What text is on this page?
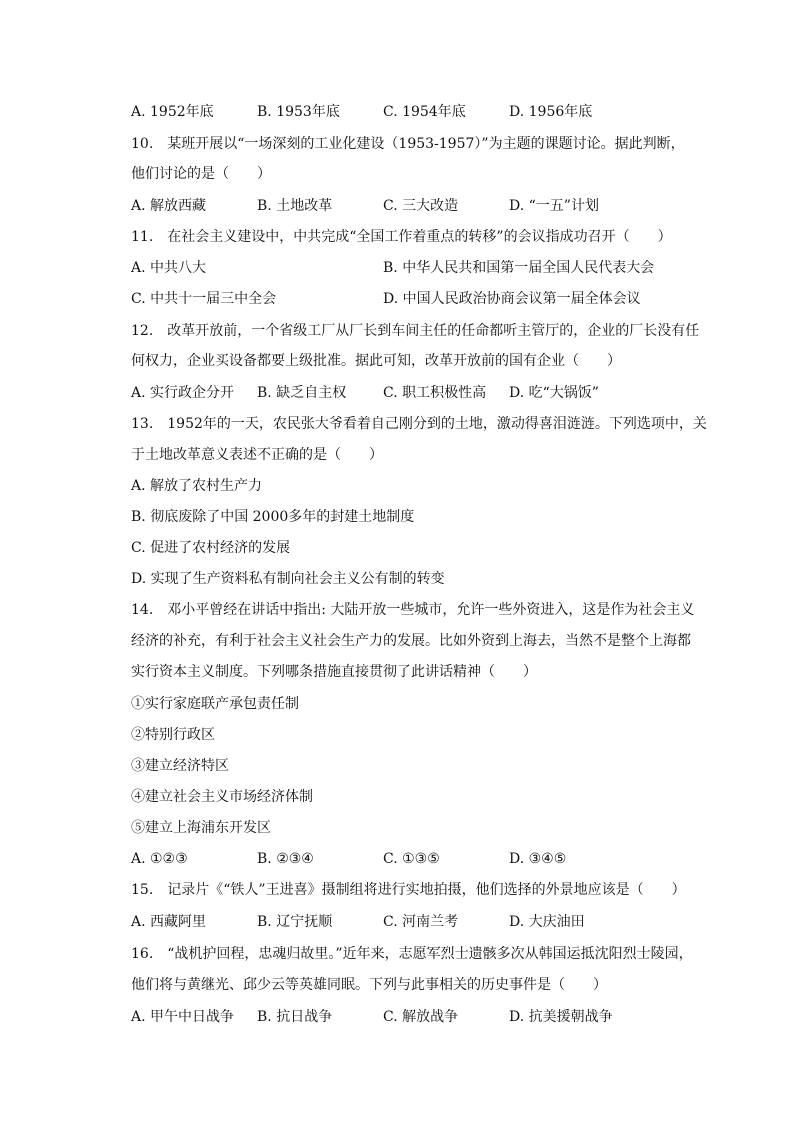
A. 1952年底	B. 1953年底	C. 1954年底	D. 1956年底
10.　某班开展以“一场深刻的工业化建设（1953-1957）”为主题的课题讨论。据此判断，
他们讨论的是（　　）
A. 解放西藏	B. 土地改革	C. 三大改造	D. “一五”计划
11.　在社会主义建设中，中共完成“全国工作着重点的转移”的会议指成功召开（　　）
A. 中共八大	B. 中华人民共和国第一届全国人民代表大会
C. 中共十一届三中全会	D. 中国人民政治协商会议第一届全体会议
12.　改革开放前，一个省级工厂从厂长到车间主任的任命都听主管厅的，企业的厂长没有任
何权力，企业买设备都要上级批准。据此可知，改革开放前的国有企业（　　）
A. 实行政企分开 B. 缺乏自主权	C. 职工积极性高 D. 吃“大锅饭”
13.　1952年的一天，农民张大爷看着自己刚分到的土地，激动得喜泪涟涟。下列选项中，关
于土地改革意义表述不正确的是（　　）
A. 解放了农村生产力
B. 彻底废除了中国 2000多年的封建土地制度
C. 促进了农村经济的发展
D. 实现了生产资料私有制向社会主义公有制的转变
14.　邓小平曾经在讲话中指出: 大陆开放一些城市，允许一些外资进入，这是作为社会主义
经济的补充，有利于社会主义社会生产力的发展。比如外资到上海去，当然不是整个上海都
实行资本主义制度。下列哪条措施直接贯彻了此讲话精神（　　）
①实行家庭联产承包责任制
②特别行政区
③建立经济特区
④建立社会主义市场经济体制
⑤建立上海浦东开发区
A. ①②③	B. ②③④	C. ①③⑤	D. ③④⑤
15.　记录片《“铁人”王进喜》摄制组将进行实地拍摄，他们选择的外景地应该是（　　）
A. 西藏阿里	B. 辽宁抚顺	C. 河南兰考	D. 大庆油田
16.　“战机护回程，忠魂归故里。”近年来，志愿军烈士遗骸多次从韩国运抵沈阳烈士陵园，
他们将与黄继光、邱少云等英雄同眠。下列与此事相关的历史事件是（　　）
A. 甲午中日战争 B. 抗日战争	C. 解放战争	D. 抗美援朝战争
